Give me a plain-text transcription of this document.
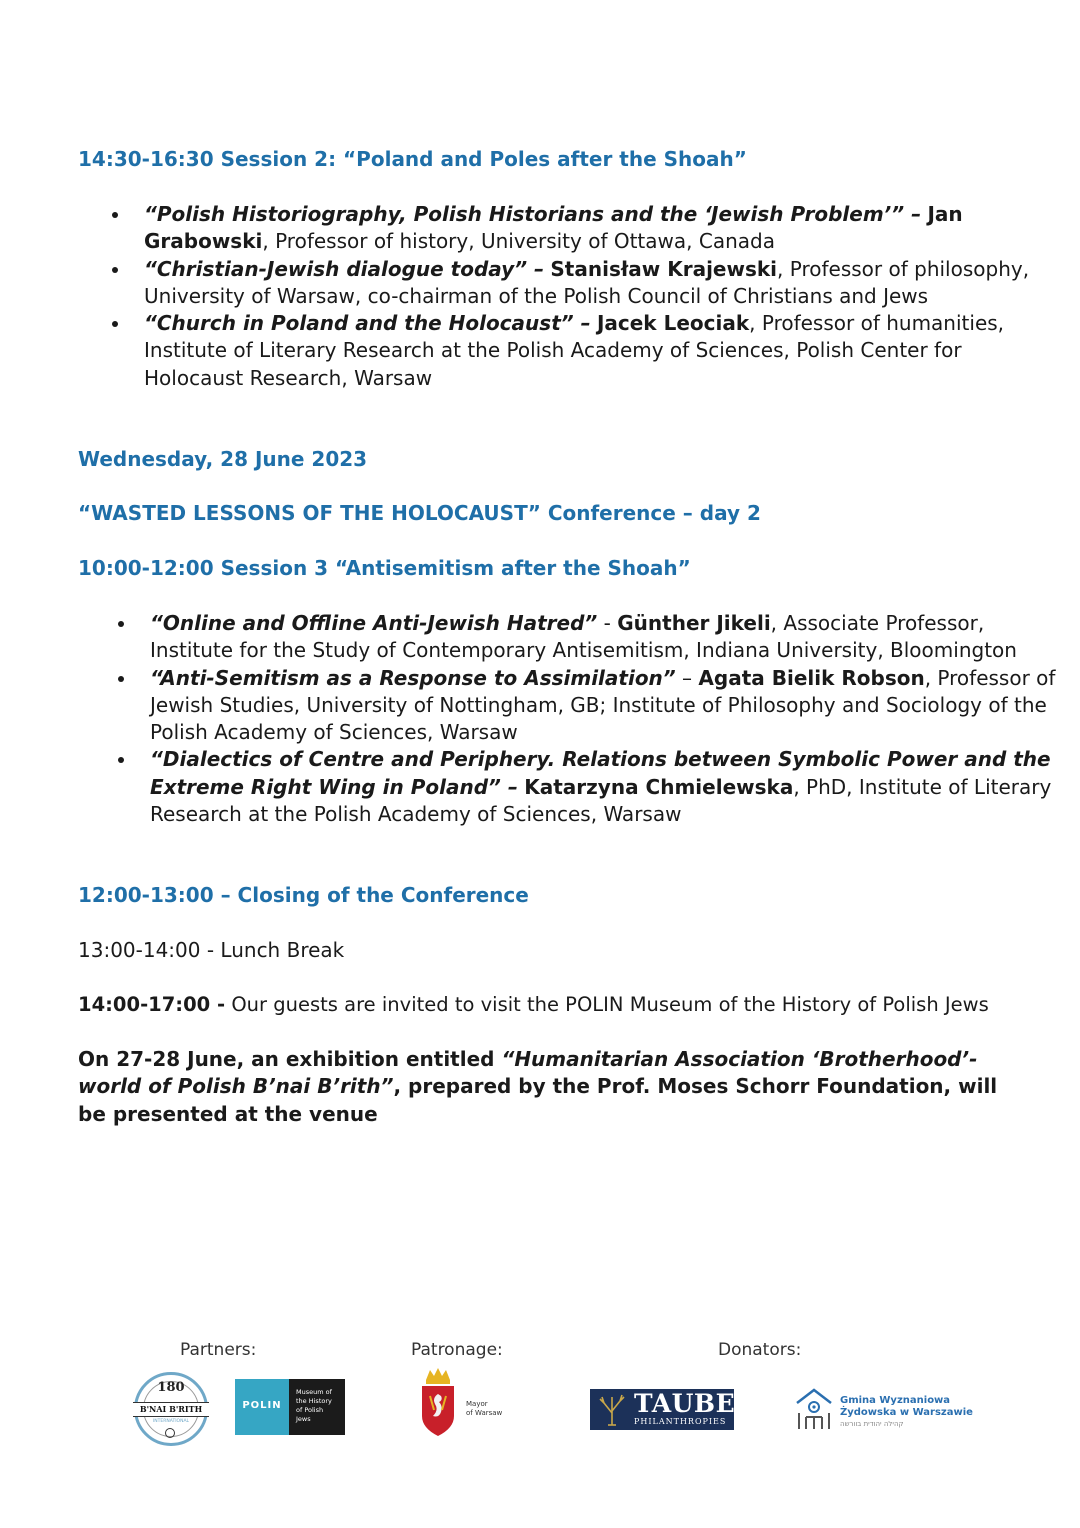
14:30-16:30 Session 2: “Poland and Poles after the Shoah”
“Polish Historiography, Polish Historians and the ‘Jewish Problem’” – Jan Grabowski, Professor of history, University of Ottawa, Canada
“Christian-Jewish dialogue today” – Stanisław Krajewski, Professor of philosophy, University of Warsaw, co-chairman of the Polish Council of Christians and Jews
“Church in Poland and the Holocaust” – Jacek Leociak, Professor of humanities, Institute of Literary Research at the Polish Academy of Sciences, Polish Center for Holocaust Research, Warsaw
Wednesday, 28 June 2023
“WASTED LESSONS OF THE HOLOCAUST” Conference – day 2
10:00-12:00 Session 3 “Antisemitism after the Shoah”
“Online and Offline Anti-Jewish Hatred” - Günther Jikeli, Associate Professor, Institute for the Study of Contemporary Antisemitism, Indiana University, Bloomington
“Anti-Semitism as a Response to Assimilation” – Agata Bielik Robson, Professor of Jewish Studies, University of Nottingham, GB; Institute of Philosophy and Sociology of the Polish Academy of Sciences, Warsaw
“Dialectics of Centre and Periphery. Relations between Symbolic Power and the Extreme Right Wing in Poland” – Katarzyna Chmielewska, PhD, Institute of Literary Research at the Polish Academy of Sciences, Warsaw
12:00-13:00 – Closing of the Conference
13:00-14:00 - Lunch Break
14:00-17:00 - Our guests are invited to visit the POLIN Museum of the History of Polish Jews
On 27-28 June, an exhibition entitled “Humanitarian Association ‘Brotherhood’- world of Polish B’nai B’rith”, prepared by the Prof. Moses Schorr Foundation, will be presented at the venue
Partners:	Patronage:	Donators:
180
B'NAI B'RITH
INTERNATIONAL
POLIN
Museum of
the History
of Polish
Jews
Mayor
of Warsaw	TAUBE
PHILANTHROPIES
Gmina Wyznaniowa
Żydowska w Warszawie
קהילה יהודית בוורשה
